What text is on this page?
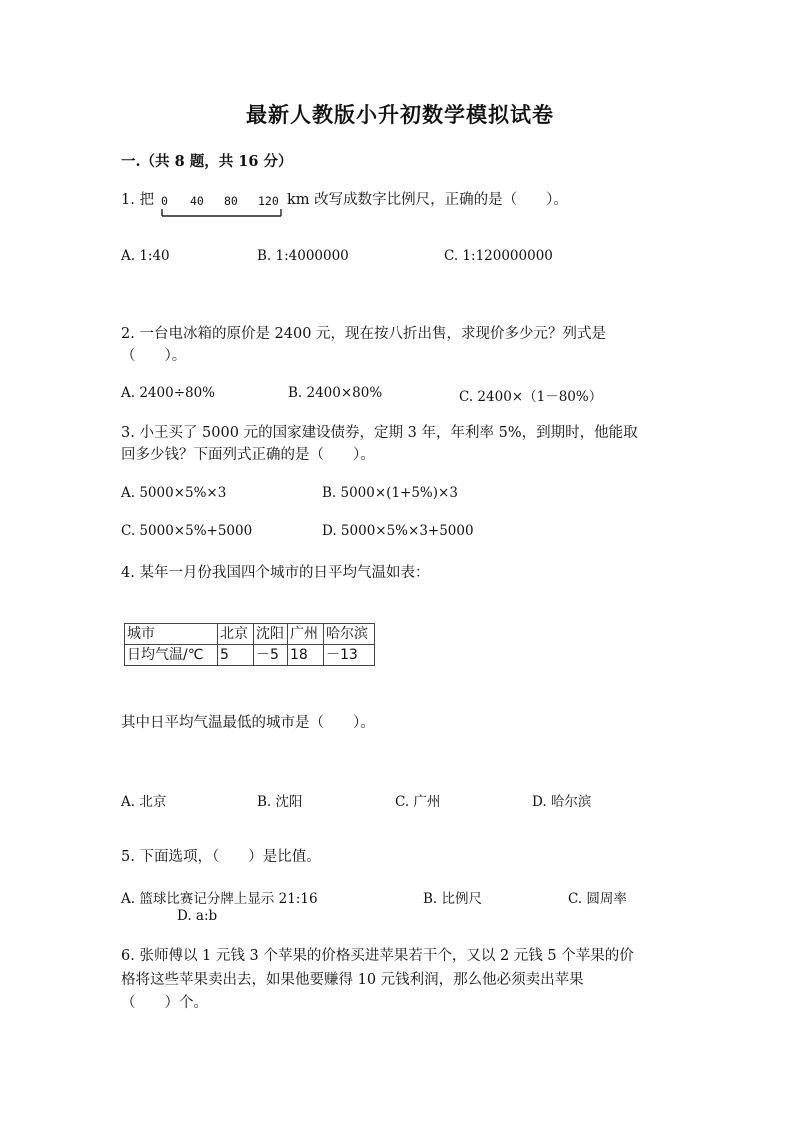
最新人教版小升初数学模拟试卷
一.（共 8 题，共 16 分）
1. 把 0 40 80 120 km 改写成数字比例尺，正确的是（　　）。
A. 1:40	B. 1:4000000	C. 1:120000000
2. 一台电冰箱的原价是 2400 元，现在按八折出售，求现价多少元？列式是
（　　）。
A. 2400÷80%	B. 2400×80%	C. 2400×（1－80%）
3. 小王买了 5000 元的国家建设债券，定期 3 年，年利率 5%，到期时，他能取
回多少钱？下面列式正确的是（　　）。
A. 5000×5%×3	B. 5000×(1+5%)×3
C. 5000×5%+5000	D. 5000×5%×3+5000
4. 某年一月份我国四个城市的日平均气温如表：
城市	北京	沈阳	广州	哈尔滨
日均气温/℃	5	－5	18	－13
其中日平均气温最低的城市是（　　）。
A. 北京	B. 沈阳	C. 广州	D. 哈尔滨
5. 下面选项，（　　）是比值。
A. 篮球比赛记分牌上显示 21:16	B. 比例尺	C. 圆周率
D. a:b
6. 张师傅以 1 元钱 3 个苹果的价格买进苹果若干个，又以 2 元钱 5 个苹果的价
格将这些苹果卖出去，如果他要赚得 10 元钱利润，那么他必须卖出苹果
（　　）个。
